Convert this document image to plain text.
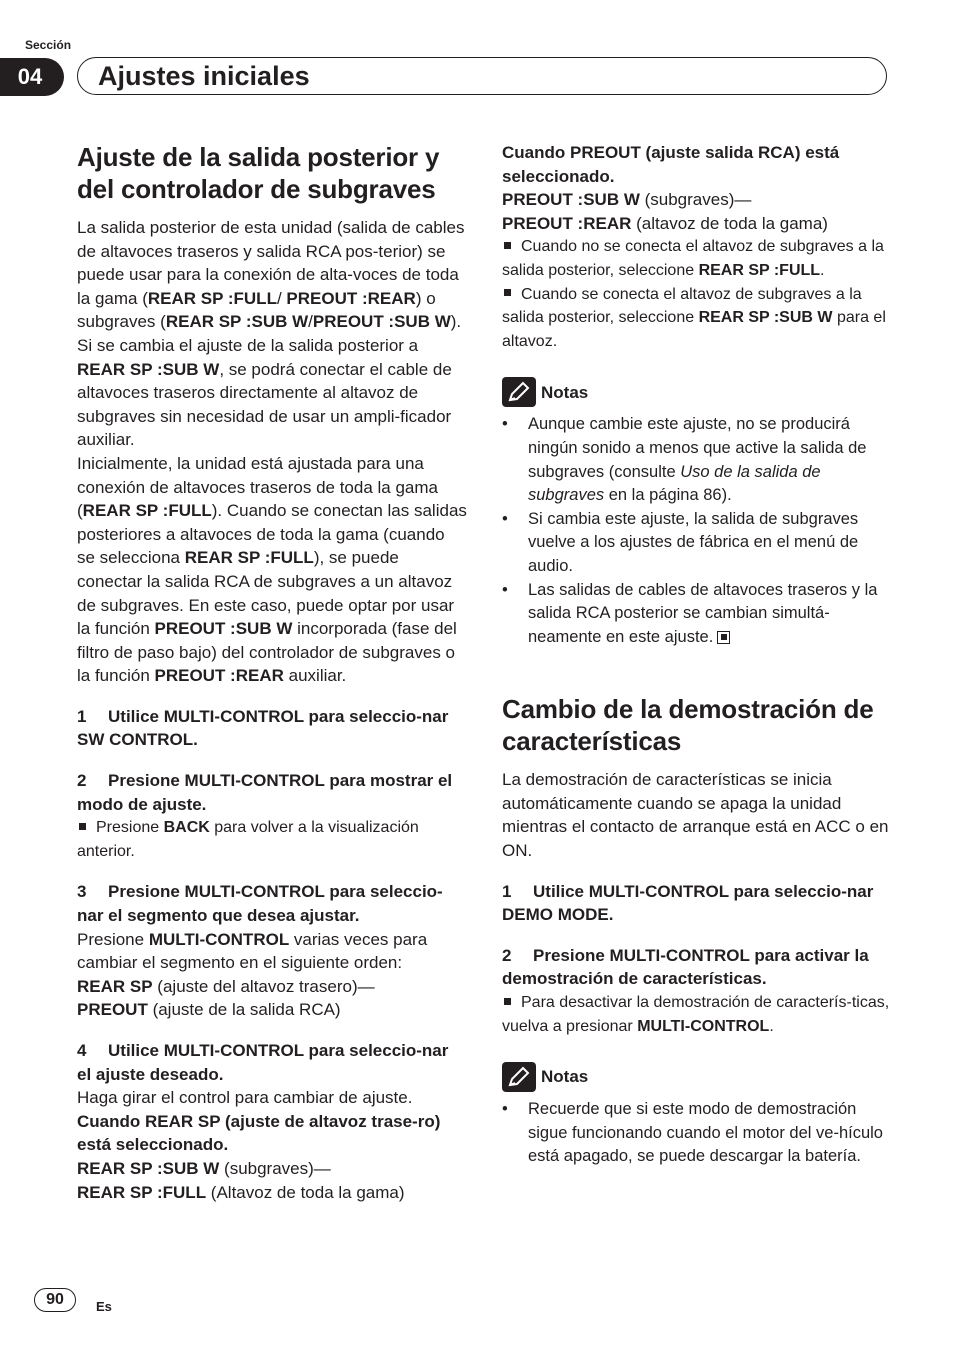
Sección
04	Ajustes iniciales
Ajuste de la salida posterior y del controlador de subgraves

La salida posterior de esta unidad (salida de cables de altavoces traseros y salida RCA pos-terior) se puede usar para la conexión de alta-voces de toda la gama (REAR SP :FULL/ PREOUT :REAR) o subgraves (REAR SP :SUB W/PREOUT :SUB W). Si se cambia el ajuste de la salida posterior a REAR SP :SUB W, se podrá conectar el cable de altavoces traseros directamente al altavoz de subgraves sin necesidad de usar un ampli-ficador auxiliar.

Inicialmente, la unidad está ajustada para una conexión de altavoces traseros de toda la gama (REAR SP :FULL). Cuando se conectan las salidas posteriores a altavoces de toda la gama (cuando se selecciona REAR SP :FULL), se puede conectar la salida RCA de subgraves a un altavoz de subgraves. En este caso, puede optar por usar la función PREOUT :SUB W incorporada (fase del filtro de paso bajo) del controlador de subgraves o la función PREOUT :REAR auxiliar.

1 Utilice MULTI-CONTROL para seleccio-nar SW CONTROL.
2 Presione MULTI-CONTROL para mostrar el modo de ajuste.

Presione BACK para volver a la visualización anterior.

3 Presione MULTI-CONTROL para seleccio-nar el segmento que desea ajustar.

Presione MULTI-CONTROL varias veces para cambiar el segmento en el siguiente orden:

REAR SP (ajuste del altavoz trasero)—

PREOUT (ajuste de la salida RCA)

4 Utilice MULTI-CONTROL para seleccio-nar el ajuste deseado.

Haga girar el control para cambiar de ajuste.

Cuando REAR SP (ajuste de altavoz trase-ro) está seleccionado.

REAR SP :SUB W (subgraves)—

REAR SP :FULL (Altavoz de toda la gama)

Cuando PREOUT (ajuste salida RCA) está seleccionado.

PREOUT :SUB W (subgraves)—

PREOUT :REAR (altavoz de toda la gama)

Cuando no se conecta el altavoz de subgraves a la salida posterior, seleccione REAR SP :FULL.

Cuando se conecta el altavoz de subgraves a la salida posterior, seleccione REAR SP :SUB W para el altavoz.

Notas
• Aunque cambie este ajuste, no se producirá ningún sonido a menos que active la salida de subgraves (consulte Uso de la salida de subgraves en la página 86).
• Si cambia este ajuste, la salida de subgraves vuelve a los ajustes de fábrica en el menú de audio.
• Las salidas de cables de altavoces traseros y la salida RCA posterior se cambian simultá-neamente en este ajuste.
Cambio de la demostración de características

La demostración de características se inicia automáticamente cuando se apaga la unidad mientras el contacto de arranque está en ACC o en ON.

1 Utilice MULTI-CONTROL para seleccio-nar DEMO MODE.
2 Presione MULTI-CONTROL para activar la demostración de características.

Para desactivar la demostración de caracterís-ticas, vuelva a presionar MULTI-CONTROL.

Notas
• Recuerde que si este modo de demostración sigue funcionando cuando el motor del ve-hículo está apagado, se puede descargar la batería.
90	Es
